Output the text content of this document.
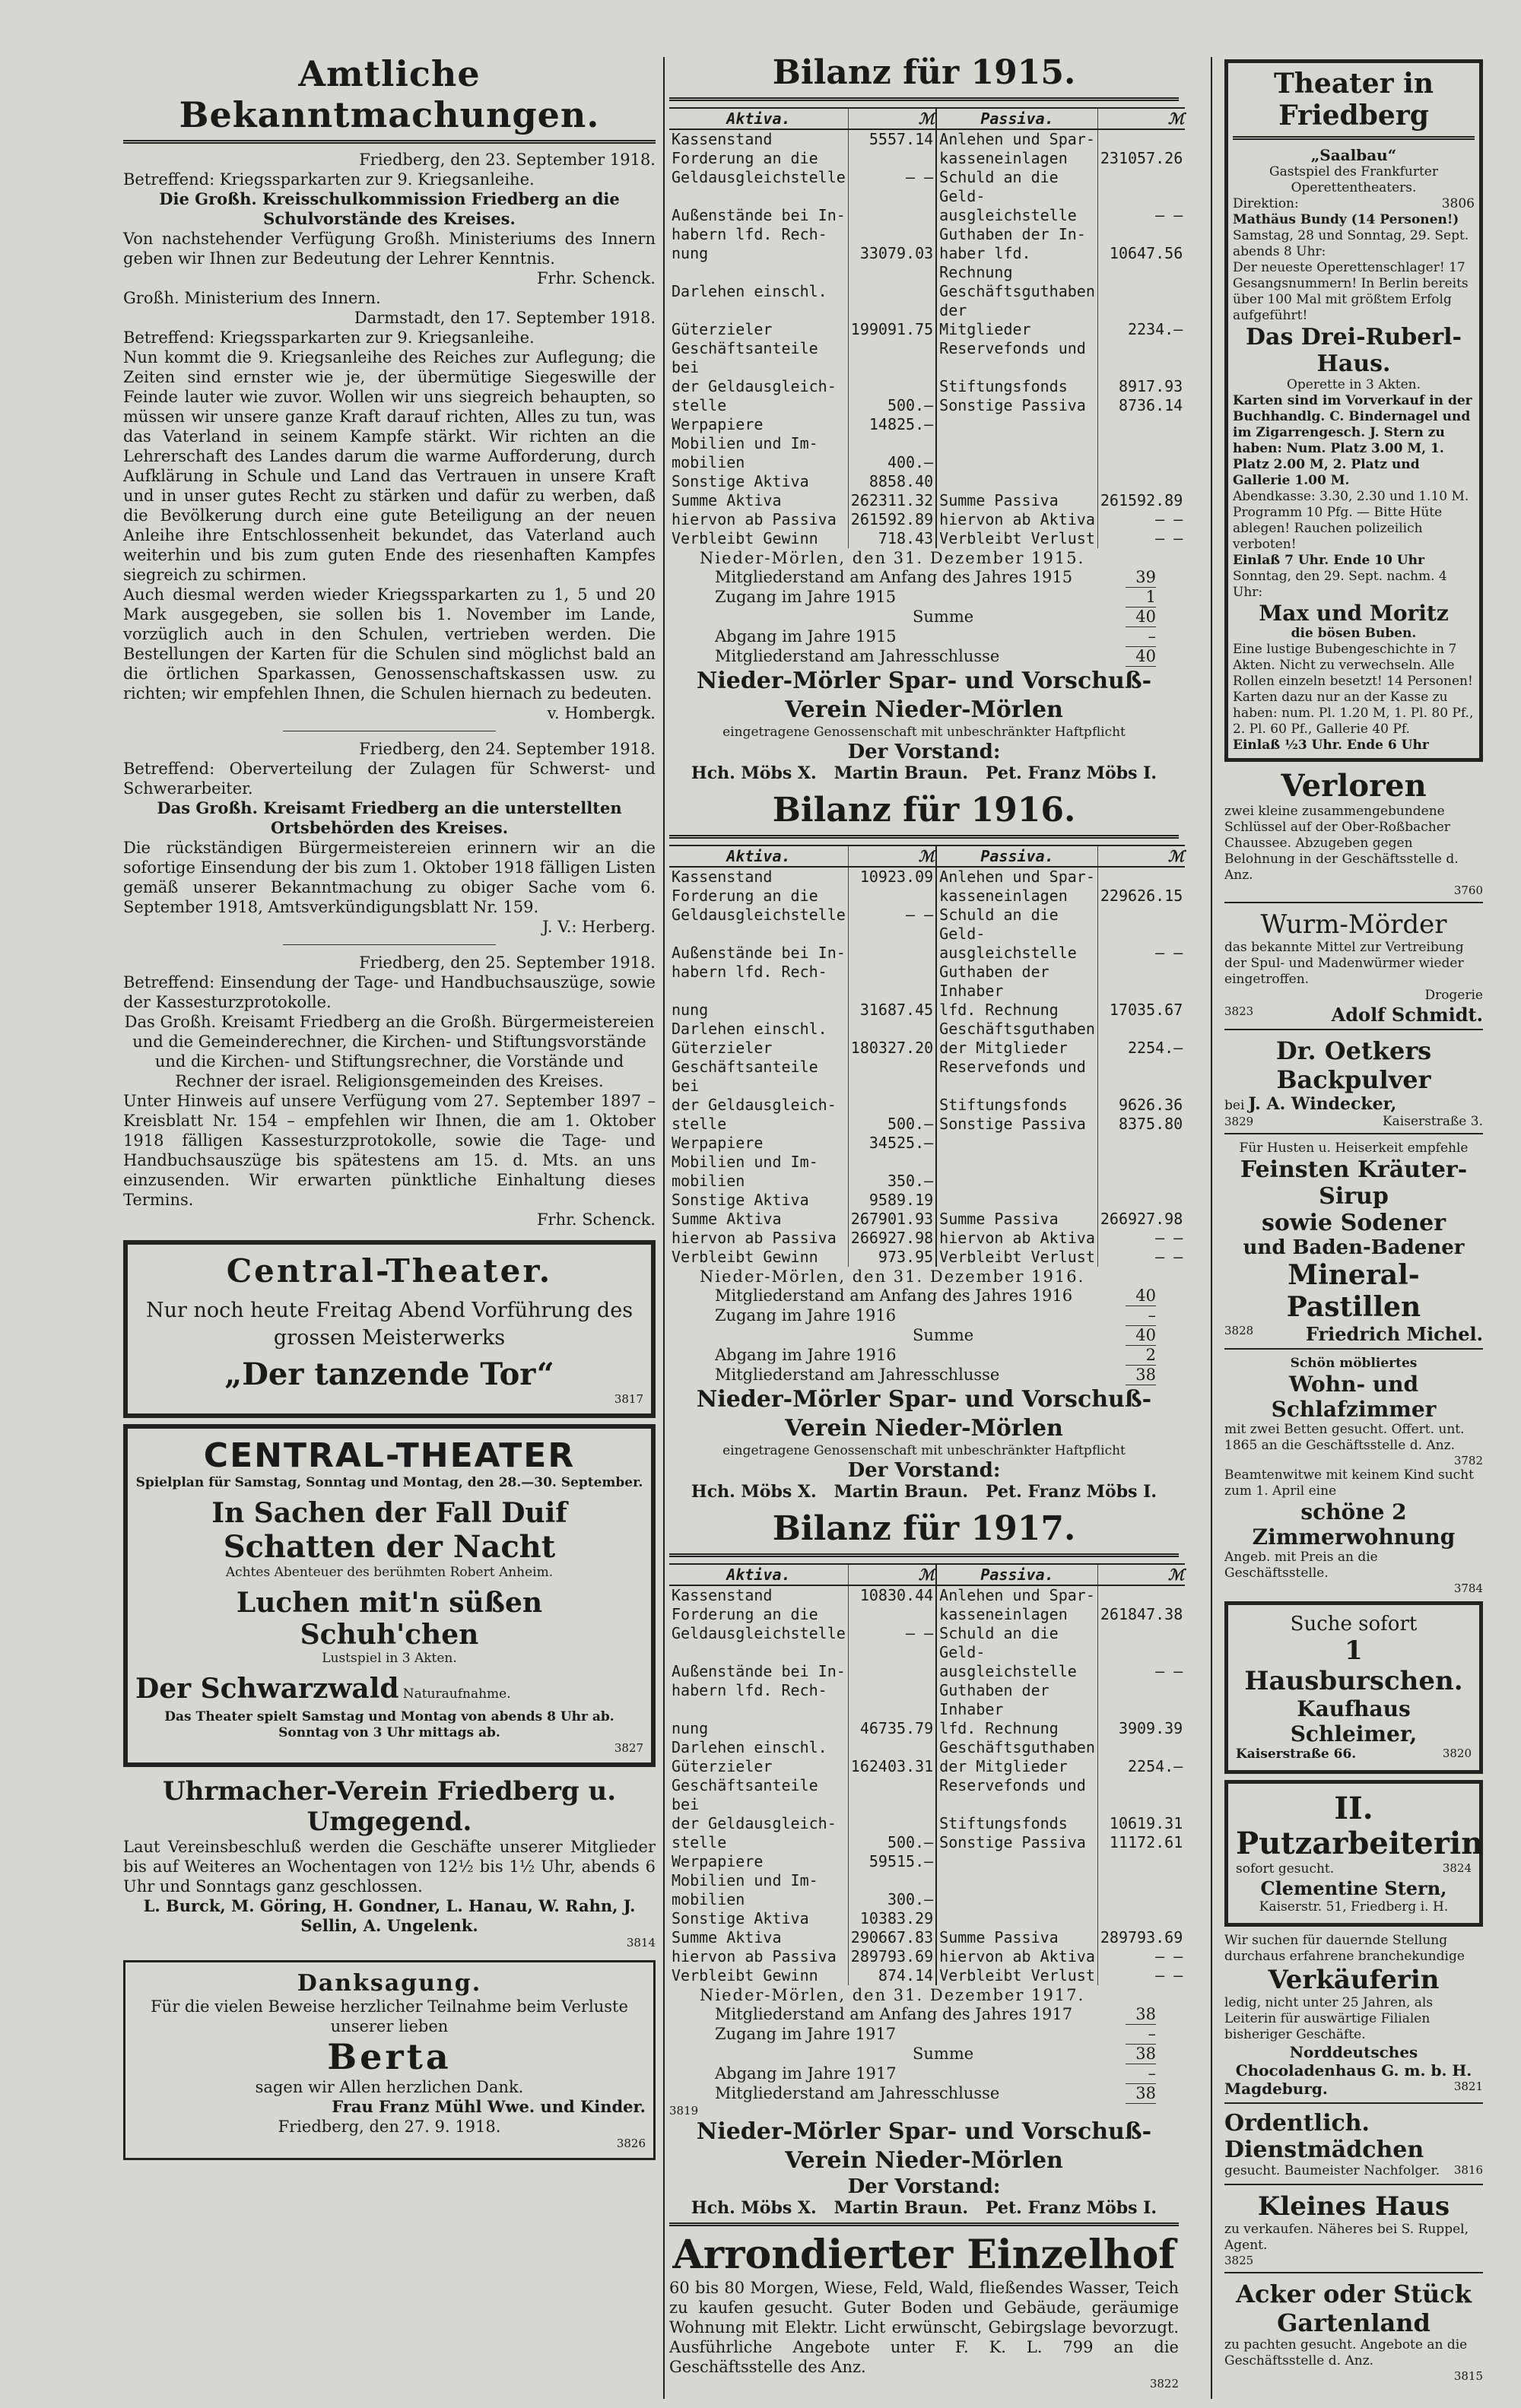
Amtliche Bekanntmachungen.

Friedberg, den 23. September 1918.

Betreffend: Kriegssparkarten zur 9. Kriegsanleihe.

Die Großh. Kreisschulkommission Friedberg an die Schulvorstände des Kreises.

Von nachstehender Verfügung Großh. Ministeriums des Innern geben wir Ihnen zur Bedeutung der Lehrer Kenntnis.

Frhr. Schenck.

Großh. Ministerium des Innern.

Darmstadt, den 17. September 1918.

Betreffend: Kriegssparkarten zur 9. Kriegsanleihe.

Nun kommt die 9. Kriegsanleihe des Reiches zur Auflegung; die Zeiten sind ernster wie je, der übermütige Siegeswille der Feinde lauter wie zuvor. Wollen wir uns siegreich behaupten, so müssen wir unsere ganze Kraft darauf richten, Alles zu tun, was das Vaterland in seinem Kampfe stärkt. Wir richten an die Lehrerschaft des Landes darum die warme Aufforderung, durch Aufklärung in Schule und Land das Vertrauen in unsere Kraft und in unser gutes Recht zu stärken und dafür zu werben, daß die Bevölkerung durch eine gute Beteiligung an der neuen Anleihe ihre Entschlossenheit bekundet, das Vaterland auch weiterhin und bis zum guten Ende des riesenhaften Kampfes siegreich zu schirmen.

Auch diesmal werden wieder Kriegssparkarten zu 1, 5 und 20 Mark ausgegeben, sie sollen bis 1. November im Lande, vorzüglich auch in den Schulen, vertrieben werden. Die Bestellungen der Karten für die Schulen sind möglichst bald an die örtlichen Sparkassen, Genossenschaftskassen usw. zu richten; wir empfehlen Ihnen, die Schulen hiernach zu bedeuten.

v. Hombergk.

Friedberg, den 24. September 1918.

Betreffend: Oberverteilung der Zulagen für Schwerst- und Schwerarbeiter.

Das Großh. Kreisamt Friedberg an die unterstellten Ortsbehörden des Kreises.

Die rückständigen Bürgermeistereien erinnern wir an die sofortige Einsendung der bis zum 1. Oktober 1918 fälligen Listen gemäß unserer Bekanntmachung zu obiger Sache vom 6. September 1918, Amtsverkündigungsblatt Nr. 159.

J. V.: Herberg.

Friedberg, den 25. September 1918.

Betreffend: Einsendung der Tage- und Handbuchsauszüge, sowie der Kassesturzprotokolle.

Das Großh. Kreisamt Friedberg an die Großh. Bürgermeistereien und die Gemeinderechner, die Kirchen- und Stiftungsvorstände und die Kirchen- und Stiftungsrechner, die Vorstände und Rechner der israel. Religionsgemeinden des Kreises.

Unter Hinweis auf unsere Verfügung vom 27. September 1897 – Kreisblatt Nr. 154 – empfehlen wir Ihnen, die am 1. Oktober 1918 fälligen Kassesturzprotokolle, sowie die Tage- und Handbuchsauszüge bis spätestens am 15. d. Mts. an uns einzusenden. Wir erwarten pünktliche Einhaltung dieses Termins.

Frhr. Schenck.

Central-Theater.
Nur noch heute Freitag Abend Vorführung des grossen Meisterwerks
„Der tanzende Tor“
3817
CENTRAL-THEATER
Spielplan für Samstag, Sonntag und Montag, den 28.—30. September.
In Sachen der Fall Duif
Schatten der Nacht
Achtes Abenteuer des berühmten Robert Anheim.
Luchen mit'n süßen
Schuh'chen
Lustspiel in 3 Akten.
Der Schwarzwald Naturaufnahme.
Das Theater spielt Samstag und Montag von abends 8 Uhr ab. Sonntag von 3 Uhr mittags ab.
3827
Uhrmacher-Verein Friedberg u. Umgegend.

Laut Vereinsbeschluß werden die Geschäfte unserer Mitglieder bis auf Weiteres an Wochentagen von 12½ bis 1½ Uhr, abends 6 Uhr und Sonntags ganz geschlossen.

L. Burck, M. Göring, H. Gondner, L. Hanau, W. Rahn, J. Sellin, A. Ungelenk.

3814
Danksagung.

Für die vielen Beweise herzlicher Teilnahme beim Verluste unserer lieben

Berta

sagen wir Allen herzlichen Dank.

Frau Franz Mühl Wwe. und Kinder.

Friedberg, den 27. 9. 1918.

3826
Bilanz für 1915.
Aktiva.	ℳ	Passiva.	ℳ
Kassenstand	5557.14	Anlehen und Spar-	
Forderung an die		kasseneinlagen	231057.26
Geldausgleichstelle	– –	Schuld an die Geld-	
Außenstände bei In-		ausgleichstelle	– –
habern lfd. Rech-		Guthaben der In-	
nung	33079.03	haber lfd. Rechnung	10647.56
Darlehen einschl.		Geschäftsguthaben der	
Güterzieler	199091.75	Mitglieder	2234.–
Geschäftsanteile bei		Reservefonds und	
der Geldausgleich-		Stiftungsfonds	8917.93
stelle	500.–	Sonstige Passiva	8736.14
Werpapiere	14825.–		
Mobilien und Im-			
mobilien	400.–		
Sonstige Aktiva	8858.40		
Summe Aktiva	262311.32	Summe Passiva	261592.89
hiervon ab Passiva	261592.89	hiervon ab Aktiva	– –
Verbleibt Gewinn	718.43	Verbleibt Verlust	– –
Nieder-Mörlen, den 31. Dezember 1915.
Mitgliederstand am Anfang des Jahres 1915	39
Zugang im Jahre 1915	1
Summe	40
Abgang im Jahre 1915	–
Mitgliederstand am Jahresschlusse	40
Nieder-Mörler Spar- und Vorschuß-Verein Nieder-Mörlen
eingetragene Genossenschaft mit unbeschränkter Haftpflicht
Der Vorstand:
Hch. Möbs X.   Martin Braun.   Pet. Franz Möbs I.
Bilanz für 1916.
Aktiva.	ℳ	Passiva.	ℳ
Kassenstand	10923.09	Anlehen und Spar-	
Forderung an die		kasseneinlagen	229626.15
Geldausgleichstelle	– –	Schuld an die Geld-	
Außenstände bei In-		ausgleichstelle	– –
habern lfd. Rech-		Guthaben der Inhaber	
nung	31687.45	lfd. Rechnung	17035.67
Darlehen einschl.		Geschäftsguthaben	
Güterzieler	180327.20	der Mitglieder	2254.–
Geschäftsanteile bei		Reservefonds und	
der Geldausgleich-		Stiftungsfonds	9626.36
stelle	500.–	Sonstige Passiva	8375.80
Werpapiere	34525.–		
Mobilien und Im-			
mobilien	350.–		
Sonstige Aktiva	9589.19		
Summe Aktiva	267901.93	Summe Passiva	266927.98
hiervon ab Passiva	266927.98	hiervon ab Aktiva	– –
Verbleibt Gewinn	973.95	Verbleibt Verlust	– –
Nieder-Mörlen, den 31. Dezember 1916.
Mitgliederstand am Anfang des Jahres 1916	40
Zugang im Jahre 1916	–
Summe	40
Abgang im Jahre 1916	2
Mitgliederstand am Jahresschlusse	38
Nieder-Mörler Spar- und Vorschuß-Verein Nieder-Mörlen
eingetragene Genossenschaft mit unbeschränkter Haftpflicht
Der Vorstand:
Hch. Möbs X.   Martin Braun.   Pet. Franz Möbs I.
Bilanz für 1917.
Aktiva.	ℳ	Passiva.	ℳ
Kassenstand	10830.44	Anlehen und Spar-	
Forderung an die		kasseneinlagen	261847.38
Geldausgleichstelle	– –	Schuld an die Geld-	
Außenstände bei In-		ausgleichstelle	– –
habern lfd. Rech-		Guthaben der Inhaber	
nung	46735.79	lfd. Rechnung	3909.39
Darlehen einschl.		Geschäftsguthaben	
Güterzieler	162403.31	der Mitglieder	2254.–
Geschäftsanteile bei		Reservefonds und	
der Geldausgleich-		Stiftungsfonds	10619.31
stelle	500.–	Sonstige Passiva	11172.61
Werpapiere	59515.–		
Mobilien und Im-			
mobilien	300.–		
Sonstige Aktiva	10383.29		
Summe Aktiva	290667.83	Summe Passiva	289793.69
hiervon ab Passiva	289793.69	hiervon ab Aktiva	– –
Verbleibt Gewinn	874.14	Verbleibt Verlust	– –
Nieder-Mörlen, den 31. Dezember 1917.
Mitgliederstand am Anfang des Jahres 1917	38
Zugang im Jahre 1917	–
Summe	38
Abgang im Jahre 1917	–
Mitgliederstand am Jahresschlusse	38
3819
Nieder-Mörler Spar- und Vorschuß-Verein Nieder-Mörlen
Der Vorstand:
Hch. Möbs X.   Martin Braun.   Pet. Franz Möbs I.
Arrondierter Einzelhof

60 bis 80 Morgen, Wiese, Feld, Wald, fließendes Wasser, Teich zu kaufen gesucht. Guter Boden und Gebäude, geräumige Wohnung mit Elektr. Licht erwünscht, Gebirgslage bevorzugt. Ausführliche Angebote unter F. K. L. 799 an die Geschäftsstelle des Anz.

3822
Theater in Friedberg
„Saalbau“
Gastspiel des Frankfurter Operettentheaters.
Direktion:	3806
Mathäus Bundy (14 Personen!)
Samstag, 28 und Sonntag, 29. Sept. abends 8 Uhr:
Der neueste Operettenschlager! 17 Gesangsnummern! In Berlin bereits über 100 Mal mit größtem Erfolg aufgeführt!
Das Drei-Ruberl-Haus.
Operette in 3 Akten.
Karten sind im Vorverkauf in der Buchhandlg. C. Bindernagel und im Zigarrengesch. J. Stern zu haben: Num. Platz 3.00 M, 1. Platz 2.00 M, 2. Platz und Gallerie 1.00 M.
Abendkasse: 3.30, 2.30 und 1.10 M.
Programm 10 Pfg. — Bitte Hüte ablegen! Rauchen polizeilich verboten!
Einlaß 7 Uhr. Ende 10 Uhr
Sonntag, den 29. Sept. nachm. 4 Uhr:
Max und Moritz
die bösen Buben.
Eine lustige Bubengeschichte in 7 Akten. Nicht zu verwechseln. Alle Rollen einzeln besetzt! 14 Personen!
Karten dazu nur an der Kasse zu haben: num. Pl. 1.20 M, 1. Pl. 80 Pf., 2. Pl. 60 Pf., Gallerie 40 Pf.
Einlaß ½3 Uhr. Ende 6 Uhr
Verloren
zwei kleine zusammengebundene Schlüssel auf der Ober-Roßbacher Chaussee. Abzugeben gegen Belohnung in der Geschäftsstelle d. Anz.
3760
Wurm-Mörder
das bekannte Mittel zur Vertreibung der Spul- und Madenwürmer wieder eingetroffen.
Drogerie
3823	Adolf Schmidt.
Dr. Oetkers Backpulver
bei J. A. Windecker,
3829	Kaiserstraße 3.
Für Husten u. Heiserkeit empfehle
Feinsten Kräuter-Sirup
sowie Sodener
und Baden-Badener
Mineral-Pastillen
3828	Friedrich Michel.
Schön möbliertes
Wohn- und Schlafzimmer
mit zwei Betten gesucht. Offert. unt. 1865 an die Geschäftsstelle d. Anz.
3782
Beamtenwitwe mit keinem Kind sucht zum 1. April eine
schöne 2 Zimmerwohnung
Angeb. mit Preis an die Geschäftsstelle.
3784
Suche sofort
1 Hausburschen.
Kaufhaus Schleimer,
Kaiserstraße 66.	3820
II. Putzarbeiterin
sofort gesucht.	3824
Clementine Stern,
Kaiserstr. 51, Friedberg i. H.
Wir suchen für dauernde Stellung durchaus erfahrene branchekundige
Verkäuferin
ledig, nicht unter 25 Jahren, als Leiterin für auswärtige Filialen bisheriger Geschäfte.
Norddeutsches Chocoladenhaus G. m. b. H.
Magdeburg.	3821
Ordentlich. Dienstmädchen
gesucht. Baumeister Nachfolger. 3816
Kleines Haus
zu verkaufen. Näheres bei S. Ruppel, Agent.
3825
Acker oder Stück Gartenland
zu pachten gesucht. Angebote an die Geschäftsstelle d. Anz.
3815
